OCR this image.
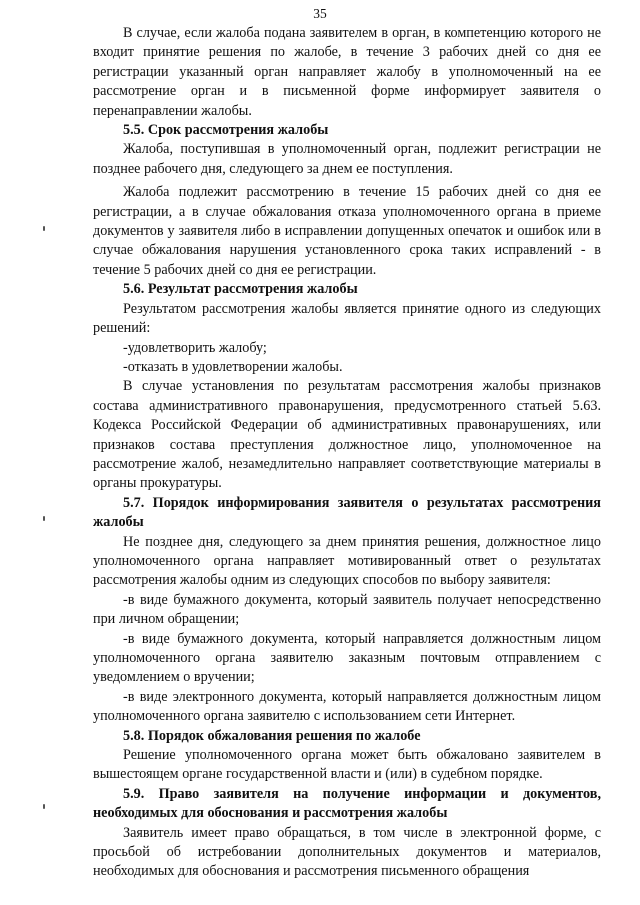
35

В случае, если жалоба подана заявителем в орган, в компетенцию которого не входит принятие решения по жалобе, в течение 3 рабочих дней со дня ее регистрации указанный орган направляет жалобу в уполномоченный на ее рассмотрение орган и в письменной форме информирует заявителя о перенаправлении жалобы.

5.5. Срок рассмотрения жалобы

Жалоба, поступившая в уполномоченный орган, подлежит регистрации не позднее рабочего дня, следующего за днем ее поступления.

Жалоба подлежит рассмотрению в течение 15 рабочих дней со дня ее регистрации, а в случае обжалования отказа уполномоченного органа в приеме документов у заявителя либо в исправлении допущенных опечаток и ошибок или в случае обжалования нарушения установленного срока таких исправлений - в течение 5 рабочих дней со дня ее регистрации.

5.6. Результат рассмотрения жалобы

Результатом рассмотрения жалобы является принятие одного из следующих решений:

-удовлетворить жалобу;

-отказать в удовлетворении жалобы.

В случае установления по результатам рассмотрения жалобы признаков состава административного правонарушения, предусмотренного статьей 5.63. Кодекса Российской Федерации об административных правонарушениях, или признаков состава преступления должностное лицо, уполномоченное на рассмотрение жалоб, незамедлительно направляет соответствующие материалы в органы прокуратуры.

5.7. Порядок информирования заявителя о результатах рассмотрения жалобы

Не позднее дня, следующего за днем принятия решения, должностное лицо уполномоченного органа направляет мотивированный ответ о результатах рассмотрения жалобы одним из следующих способов по выбору заявителя:

-в виде бумажного документа, который заявитель получает непосредственно при личном обращении;

-в виде бумажного документа, который направляется должностным лицом уполномоченного органа заявителю заказным почтовым отправлением с уведомлением о вручении;

-в виде электронного документа, который направляется должностным лицом уполномоченного органа заявителю с использованием сети Интернет.

5.8. Порядок обжалования решения по жалобе

Решение уполномоченного органа может быть обжаловано заявителем в вышестоящем органе государственной власти и (или) в судебном порядке.

5.9. Право заявителя на получение информации и документов, необходимых для обоснования и рассмотрения жалобы

Заявитель имеет право обращаться, в том числе в электронной форме, с просьбой об истребовании дополнительных документов и материалов, необходимых для обоснования и рассмотрения письменного обращения
